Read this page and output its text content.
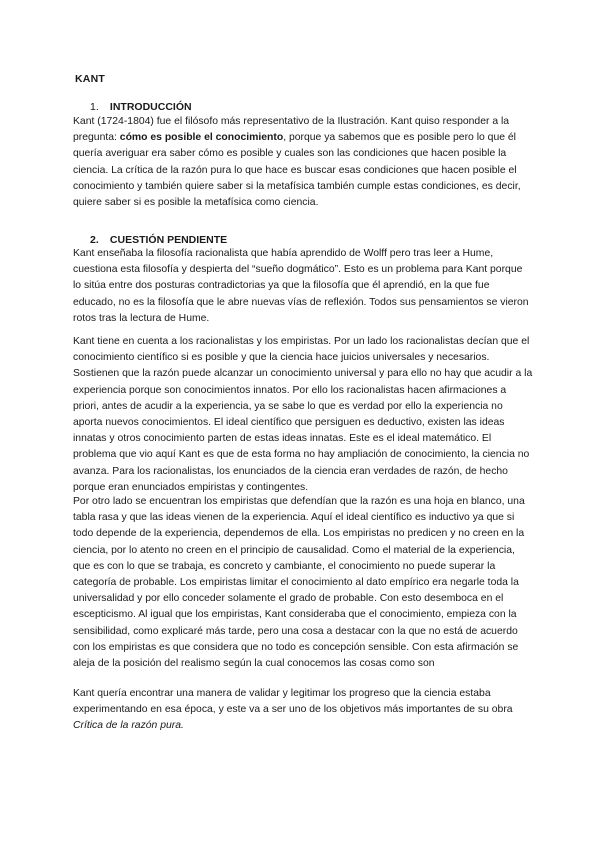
KANT
1. INTRODUCCIÓN

Kant (1724-1804) fue el filósofo más representativo de la Ilustración. Kant quiso responder a la pregunta: cómo es posible el conocimiento, porque ya sabemos que es posible pero lo que él quería averiguar era saber cómo es posible y cuales son las condiciones que hacen posible la ciencia. La crítica de la razón pura lo que hace es buscar esas condiciones que hacen posible el conocimiento y también quiere saber si la metafísica también cumple estas condiciones, es decir, quiere saber si es posible la metafísica como ciencia.

2. CUESTIÓN PENDIENTE

Kant enseñaba la filosofía racionalista que había aprendido de Wolff pero tras leer a Hume, cuestiona esta filosofía y despierta del “sueño dogmático”. Esto es un problema para Kant porque lo sitúa entre dos posturas contradictorias ya que la filosofía que él aprendió, en la que fue educado, no es la filosofía que le abre nuevas vías de reflexión. Todos sus pensamientos se vieron rotos tras la lectura de Hume.

Kant tiene en cuenta a los racionalistas y los empiristas. Por un lado los racionalistas decían que el conocimiento científico si es posible y que la ciencia hace juicios universales y necesarios. Sostienen que la razón puede alcanzar un conocimiento universal y para ello no hay que acudir a la experiencia porque son conocimientos innatos. Por ello los racionalistas hacen afirmaciones a priori, antes de acudir a la experiencia, ya se sabe lo que es verdad por ello la experiencia no aporta nuevos conocimientos. El ideal científico que persiguen es deductivo, existen las ideas innatas y otros conocimiento parten de estas ideas innatas. Este es el ideal matemático. El problema que vio aquí Kant es que de esta forma no hay ampliación de conocimiento, la ciencia no avanza. Para los racionalistas, los enunciados de la ciencia eran verdades de razón, de hecho porque eran enunciados empiristas y contingentes.

Por otro lado se encuentran los empiristas que defendían que la razón es una hoja en blanco, una tabla rasa y que las ideas vienen de la experiencia. Aquí el ideal científico es inductivo ya que si todo depende de la experiencia, dependemos de ella. Los empiristas no predicen y no creen en la ciencia, por lo atento no creen en el principio de causalidad. Como el material de la experiencia, que es con lo que se trabaja, es concreto y cambiante, el conocimiento no puede superar la categoría de probable. Los empiristas limitar el conocimiento al dato empírico era negarle toda la universalidad y por ello conceder solamente el grado de probable. Con esto desemboca en el escepticismo. Al igual que los empiristas, Kant consideraba que el conocimiento, empieza con la sensibilidad, como explicaré más tarde, pero una cosa a destacar con la que no está de acuerdo con los empiristas es que considera que no todo es concepción sensible. Con esta afirmación se aleja de la posición del realismo según la cual conocemos las cosas como son

Kant quería encontrar una manera de validar y legitimar los progreso que la ciencia estaba experimentando en esa época, y este va a ser uno de los objetivos más importantes de su obra Crítica de la razón pura.
